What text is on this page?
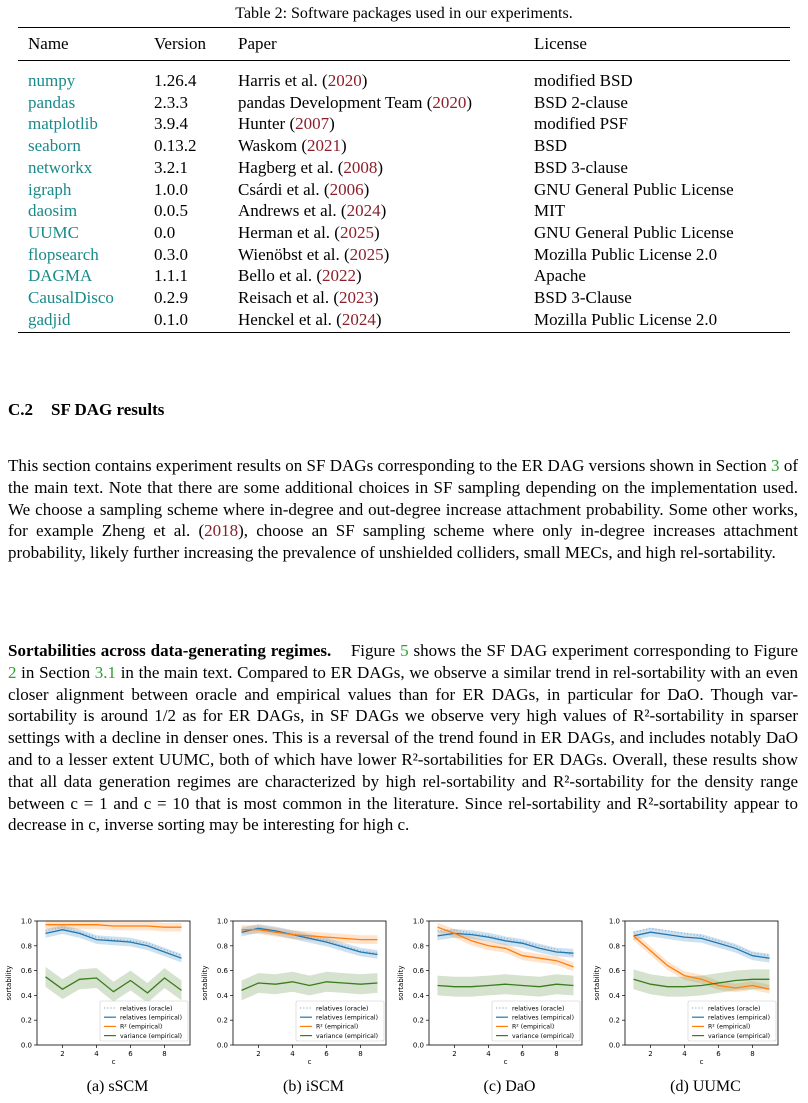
Table 2: Software packages used in our experiments.
Name	Version	Paper	License
numpy	1.26.4	Harris et al. (2020)	modified BSD
pandas	2.3.3	pandas Development Team (2020)	BSD 2-clause
matplotlib	3.9.4	Hunter (2007)	modified PSF
seaborn	0.13.2	Waskom (2021)	BSD
networkx	3.2.1	Hagberg et al. (2008)	BSD 3-clause
igraph	1.0.0	Csárdi et al. (2006)	GNU General Public License
daosim	0.0.5	Andrews et al. (2024)	MIT
UUMC	0.0	Herman et al. (2025)	GNU General Public License
flopsearch	0.3.0	Wienöbst et al. (2025)	Mozilla Public License 2.0
DAGMA	1.1.1	Bello et al. (2022)	Apache
CausalDisco	0.2.9	Reisach et al. (2023)	BSD 3-Clause
gadjid	0.1.0	Henckel et al. (2024)	Mozilla Public License 2.0
C.2 SF DAG results
This section contains experiment results on SF DAGs corresponding to the ER DAG versions shown in Section 3 of the main text. Note that there are some additional choices in SF sampling depending on the implementation used. We choose a sampling scheme where in-degree and out-degree increase attachment probability. Some other works, for example Zheng et al. (2018), choose an SF sampling scheme where only in-degree increases attachment probability, likely further increasing the prevalence of unshielded colliders, small MECs, and high rel-sortability.
Sortabilities across data-generating regimes. Figure 5 shows the SF DAG experiment corresponding to Figure 2 in Section 3.1 in the main text. Compared to ER DAGs, we observe a similar trend in rel-sortability with an even closer alignment between oracle and empirical values than for ER DAGs, in particular for DaO. Though var-sortability is around 1/2 as for ER DAGs, in SF DAGs we observe very high values of R²-sortability in sparser settings with a decline in denser ones. This is a reversal of the trend found in ER DAGs, and includes notably DaO and to a lesser extent UUMC, both of which have lower R²-sortabilities for ER DAGs. Overall, these results show that all data generation regimes are characterized by high rel-sortability and R²-sortability for the density range between c = 1 and c = 10 that is most common in the literature. Since rel-sortability and R²-sortability appear to decrease in c, inverse sorting may be interesting for high c.
0.0
0.2
0.4
0.6
0.8
1.0
2	4	6	8
c
sortability
relatives (oracle)
relatives (empirical)
R² (empirical)
variance (empirical)
0.0
0.2
0.4
0.6
0.8
1.0
2	4	6	8
c
sortability
relatives (oracle)
relatives (empirical)
R² (empirical)
variance (empirical)
0.0
0.2
0.4
0.6
0.8
1.0
2	4	6	8
c
sortability
relatives (oracle)
relatives (empirical)
R² (empirical)
variance (empirical)
0.0
0.2
0.4
0.6
0.8
1.0
2	4	6	8
c
sortability
relatives (oracle)
relatives (empirical)
R² (empirical)
variance (empirical)
(a) sSCM	(b) iSCM	(c) DaO	(d) UUMC
